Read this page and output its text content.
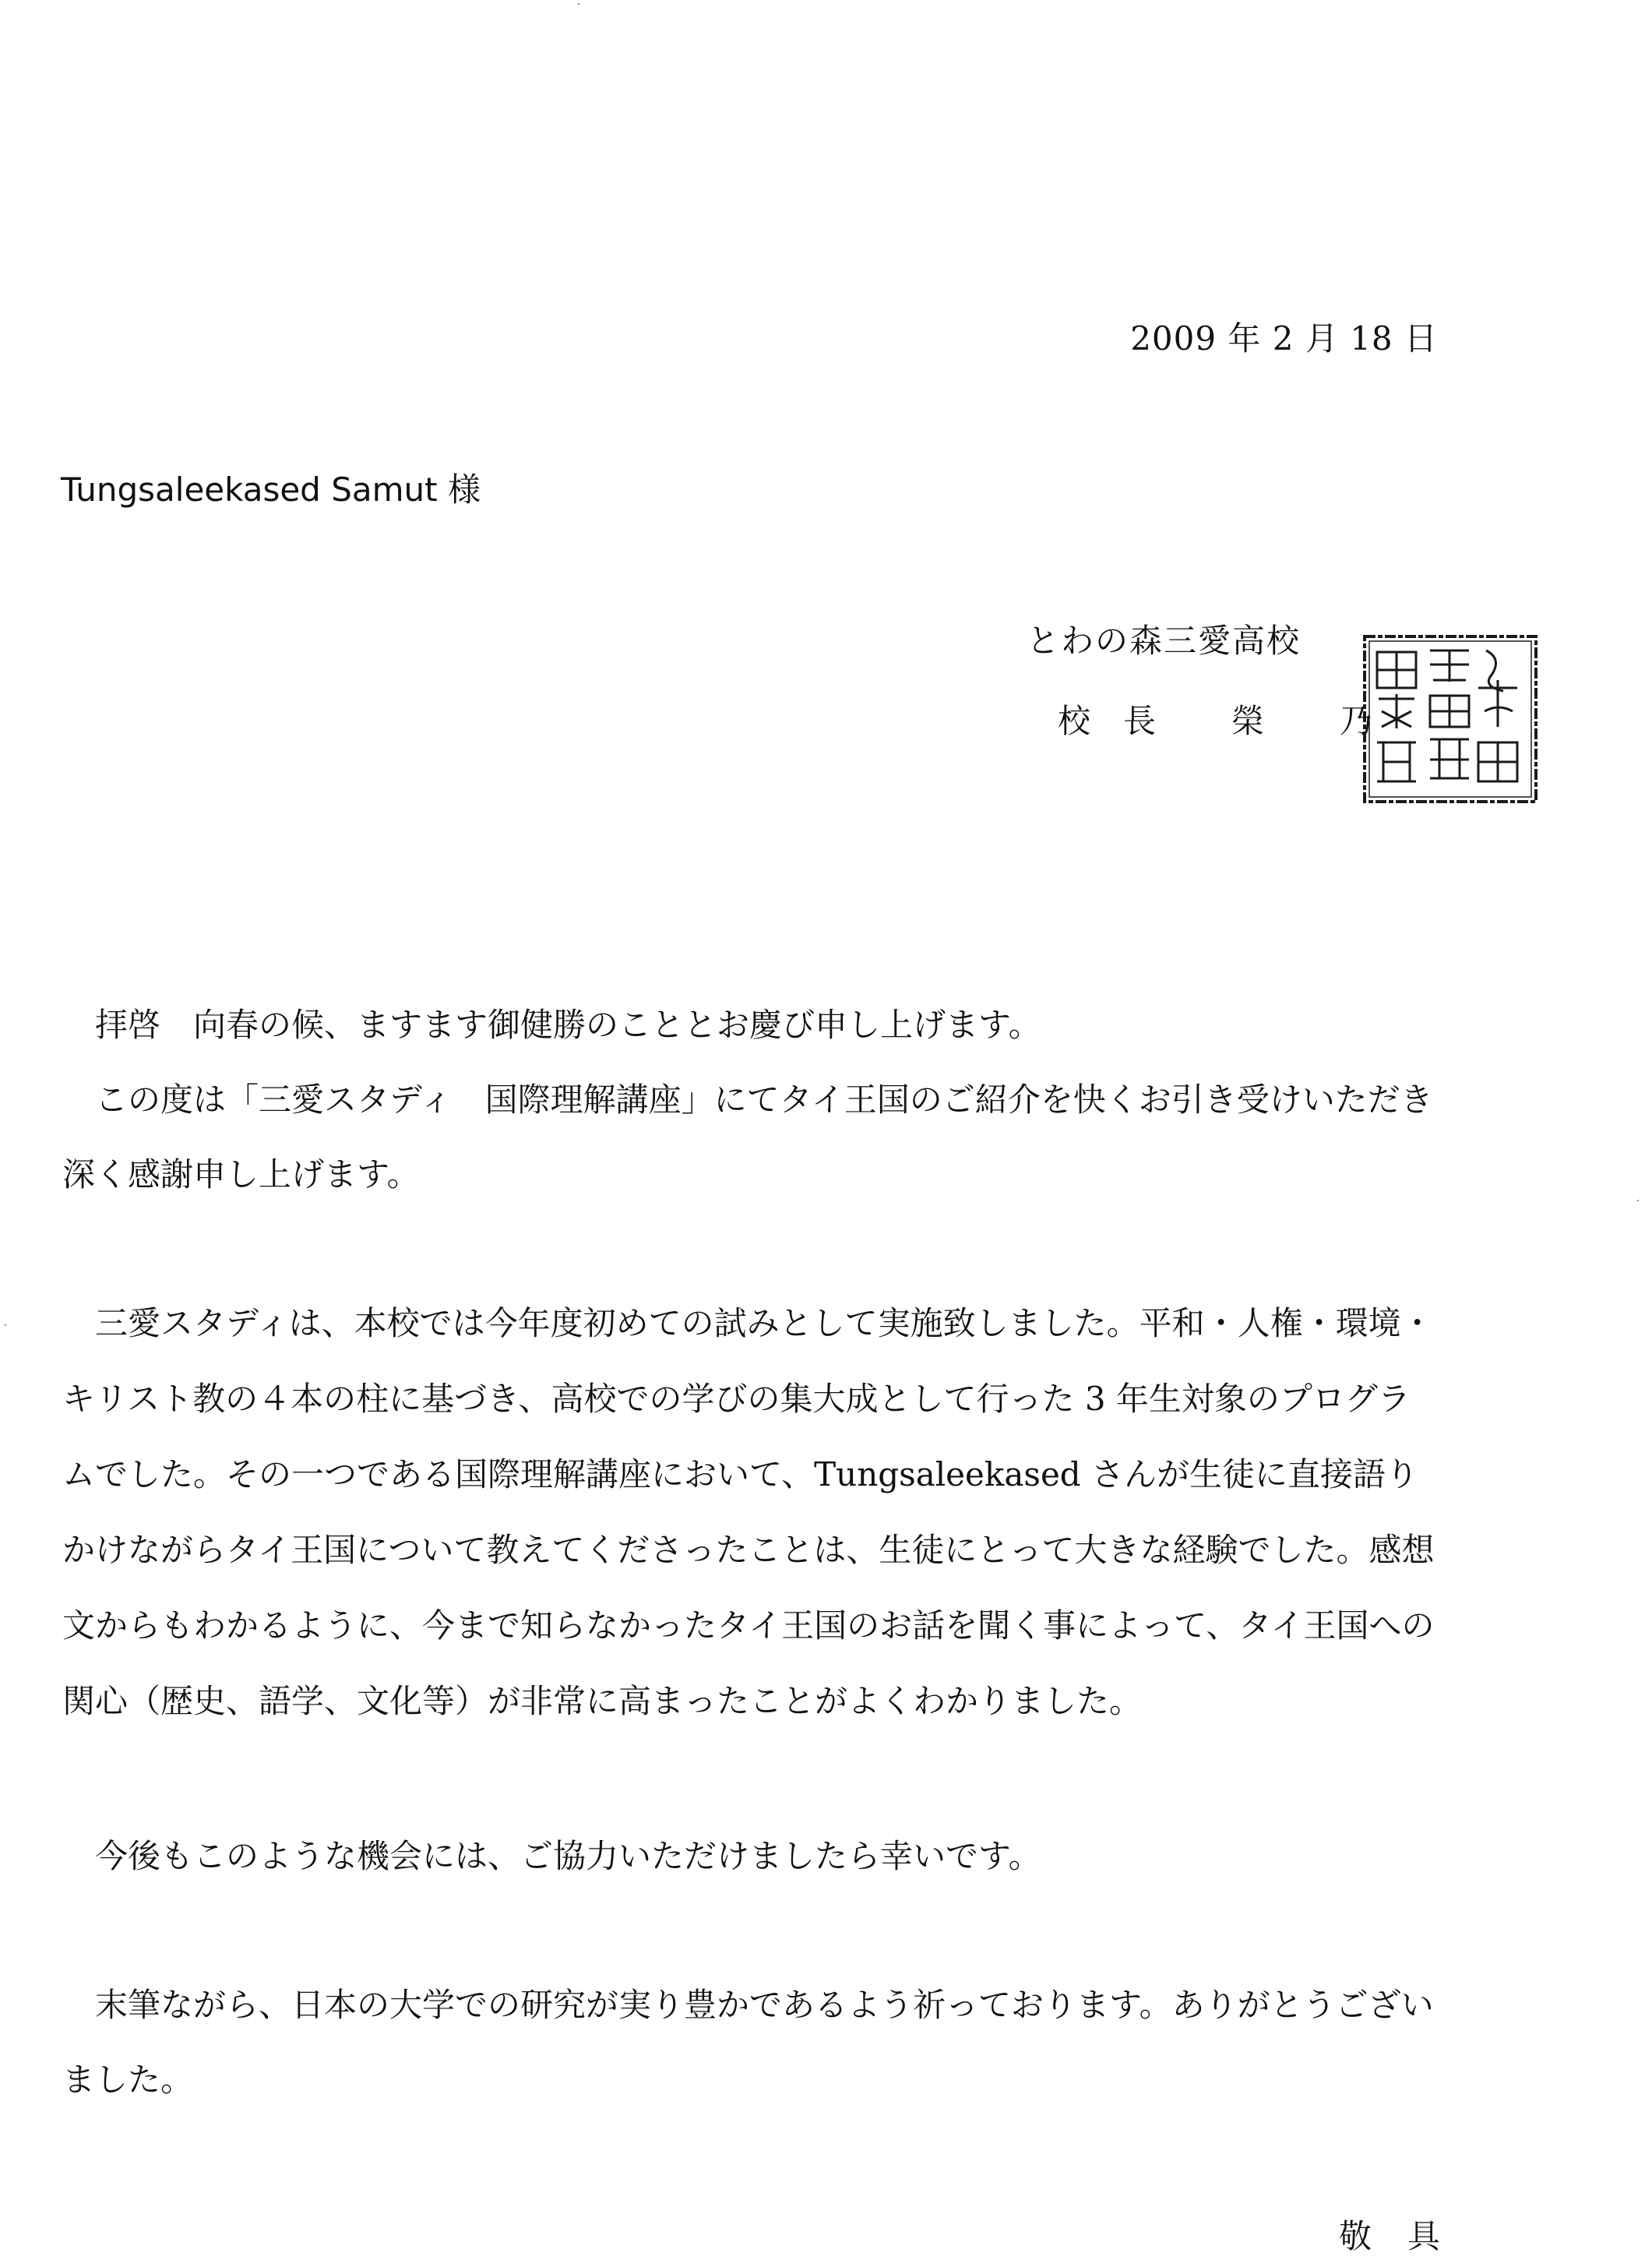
2009 年 2 月 18 日
Tungsaleekased Samut 様
とわの森三愛高校
校 長 榮 乃
拝啓　向春の候、ますます御健勝のこととお慶び申し上げます。
この度は「三愛スタディ　国際理解講座」にてタイ王国のご紹介を快くお引き受けいただき深く感謝申し上げます。
三愛スタディは、本校では今年度初めての試みとして実施致しました。平和・人権・環境・キリスト教の４本の柱に基づき、高校での学びの集大成として行った 3 年生対象のプログラムでした。その一つである国際理解講座において、Tungsaleekased さんが生徒に直接語りかけながらタイ王国について教えてくださったことは、生徒にとって大きな経験でした。感想文からもわかるように、今まで知らなかったタイ王国のお話を聞く事によって、タイ王国への関心（歴史、語学、文化等）が非常に高まったことがよくわかりました。
今後もこのような機会には、ご協力いただけましたら幸いです。
末筆ながら、日本の大学での研究が実り豊かであるよう祈っております。ありがとうございました。
敬 具
